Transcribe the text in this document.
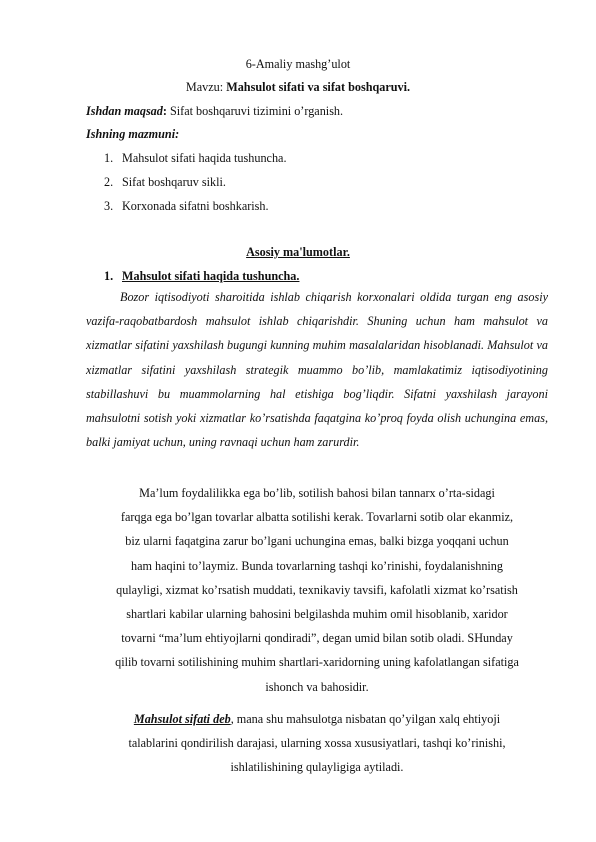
6-Amaliy mashg’ulot
Mavzu: Mahsulot sifati va sifat boshqaruvi.
Ishdan maqsad: Sifat boshqaruvi tizimini o’rganish.
Ishning mazmuni:
1. Mahsulot sifati haqida tushuncha.
2. Sifat boshqaruv sikli.
3. Korxonada sifatni boshkarish.
Asosiy ma'lumotlar.
1. Mahsulot sifati haqida tushuncha.
Bozor iqtisodiyoti sharoitida ishlab chiqarish korxonalari oldida turgan eng asosiy vazifa-raqobatbardosh mahsulot ishlab chiqarishdir. Shuning uchun ham mahsulot va xizmatlar sifatini yaxshilash bugungi kunning muhim masalalaridan hisoblanadi. Mahsulot va xizmatlar sifatini yaxshilash strategik muammo bo’lib, mamlakatimiz iqtisodiyotining stabillashuvi bu muammolarning hal etishiga bog’liqdir. Sifatni yaxshilash jarayoni mahsulotni sotish yoki xizmatlar ko’rsatishda faqatgina ko’proq foyda olish uchungina emas, balki jamiyat uchun, uning ravnaqi uchun ham zarurdir.
Ma’lum foydalilikka ega bo’lib, sotilish bahosi bilan tannarx o’rta-sidagi
farqga ega bo’lgan tovarlar albatta sotilishi kerak. Tovarlarni sotib olar ekanmiz,
biz ularni faqatgina zarur bo’lgani uchungina emas, balki bizga yoqqani uchun
ham haqini to’laymiz. Bunda tovarlarning tashqi ko’rinishi, foydalanishning
qulayligi, xizmat ko’rsatish muddati, texnikaviy tavsifi, kafolatli xizmat ko’rsatish
shartlari kabilar ularning bahosini belgilashda muhim omil hisoblanib, xaridor
tovarni “ma’lum ehtiyojlarni qondiradi”, degan umid bilan sotib oladi. SHunday
qilib tovarni sotilishining muhim shartlari-xaridorning uning kafolatlangan sifatiga
ishonch va bahosidir.
Mahsulot sifati deb, mana shu mahsulotga nisbatan qo’yilgan xalq ehtiyoji
talablarini qondirilish darajasi, ularning xossa xususiyatlari, tashqi ko’rinishi,
ishlatilishining qulayligiga aytiladi.
